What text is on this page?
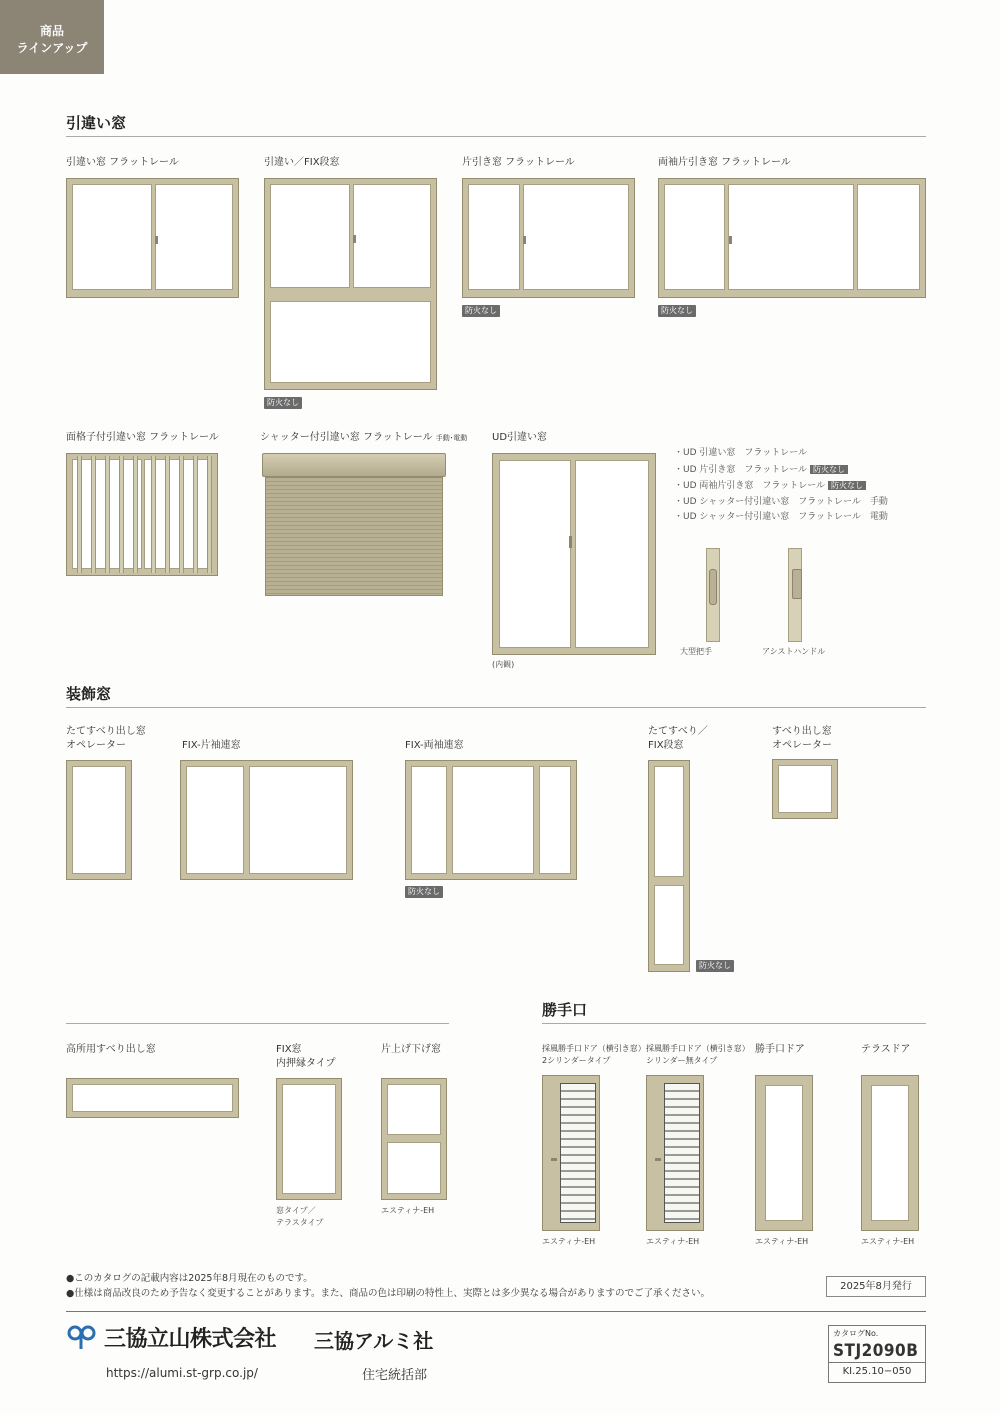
商品
ラインアップ
引違い窓
引違い窓 フラットレール	引違い／FIX段窓	片引き窓 フラットレール	両袖片引き窓 フラットレール
防火なし
防火なし	防火なし
面格子付引違い窓 フラットレール	シャッター付引違い窓 フラットレール 手動･電動 UD引違い窓
(内観)
・UD 引違い窓　フラットレール
・UD 片引き窓　フラットレール 防火なし
・UD 両袖片引き窓　フラットレール 防火なし
・UD シャッター付引違い窓　フラットレール　手動
・UD シャッター付引違い窓　フラットレール　電動
大型把手	アシストハンドル
装飾窓
たてすべり出し窓
オペレーター	FIX-片袖連窓	FIX-両袖連窓
たてすべり／
FIX段窓
すべり出し窓
オペレーター
防火なし
防火なし
高所用すべり出し窓	FIX窓
内押縁タイプ
片上げ下げ窓
窓タイプ／
テラスタイプ
エスティナ-EH
勝手口
採風勝手口ドア（横引き窓）
2シリンダータイプ
採風勝手口ドア（横引き窓）
シリンダー無タイプ
勝手口ドア	テラスドア
エスティナ-EH	エスティナ-EH	エスティナ-EH	エスティナ-EH
●このカタログの記載内容は2025年8月現在のものです。
●仕様は商品改良のため予告なく変更することがあります。また、商品の色は印刷の特性上、実際とは多少異なる場合がありますのでご了承ください。
2025年8月発行
三協立山株式会社 三協アルミ社
https://alumi.st-grp.co.jp/	住宅統括部
カタログNo.
STJ2090B
KI.25.10−050
